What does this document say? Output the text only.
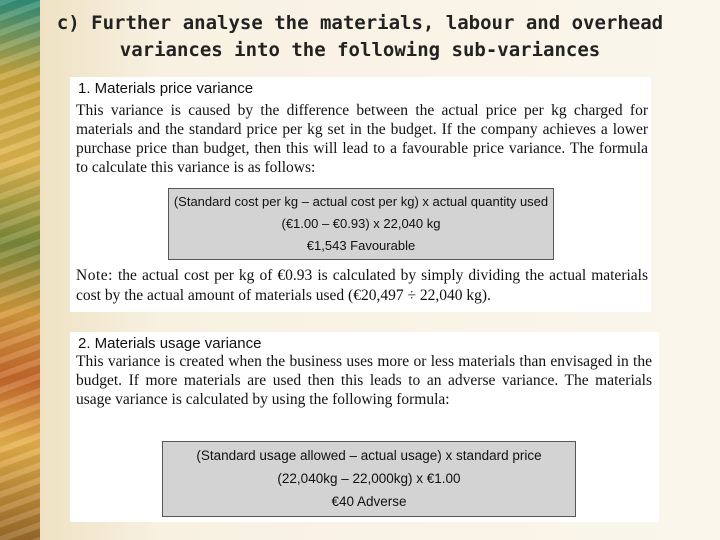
c) Further analyse the materials, labour and overhead
variances into the following sub-variances
1. Materials price variance

This variance is caused by the difference between the actual price per kg charged for materials and the standard price per kg set in the budget. If the company achieves a lower purchase price than budget, then this will lead to a favourable price variance. The formula to calculate this variance is as follows:

(Standard cost per kg – actual cost per kg) x actual quantity used
(€1.00 – €0.93) x 22,040 kg
€1,543 Favourable

Note: the actual cost per kg of €0.93 is calculated by simply dividing the actual materials cost by the actual amount of materials used (€20,497 ÷ 22,040 kg).

2. Materials usage variance

This variance is created when the business uses more or less materials than envisaged in the budget. If more materials are used then this leads to an adverse variance. The materials usage variance is calculated by using the following formula:

(Standard usage allowed – actual usage) x standard price
(22,040kg – 22,000kg) x €1.00
€40 Adverse
